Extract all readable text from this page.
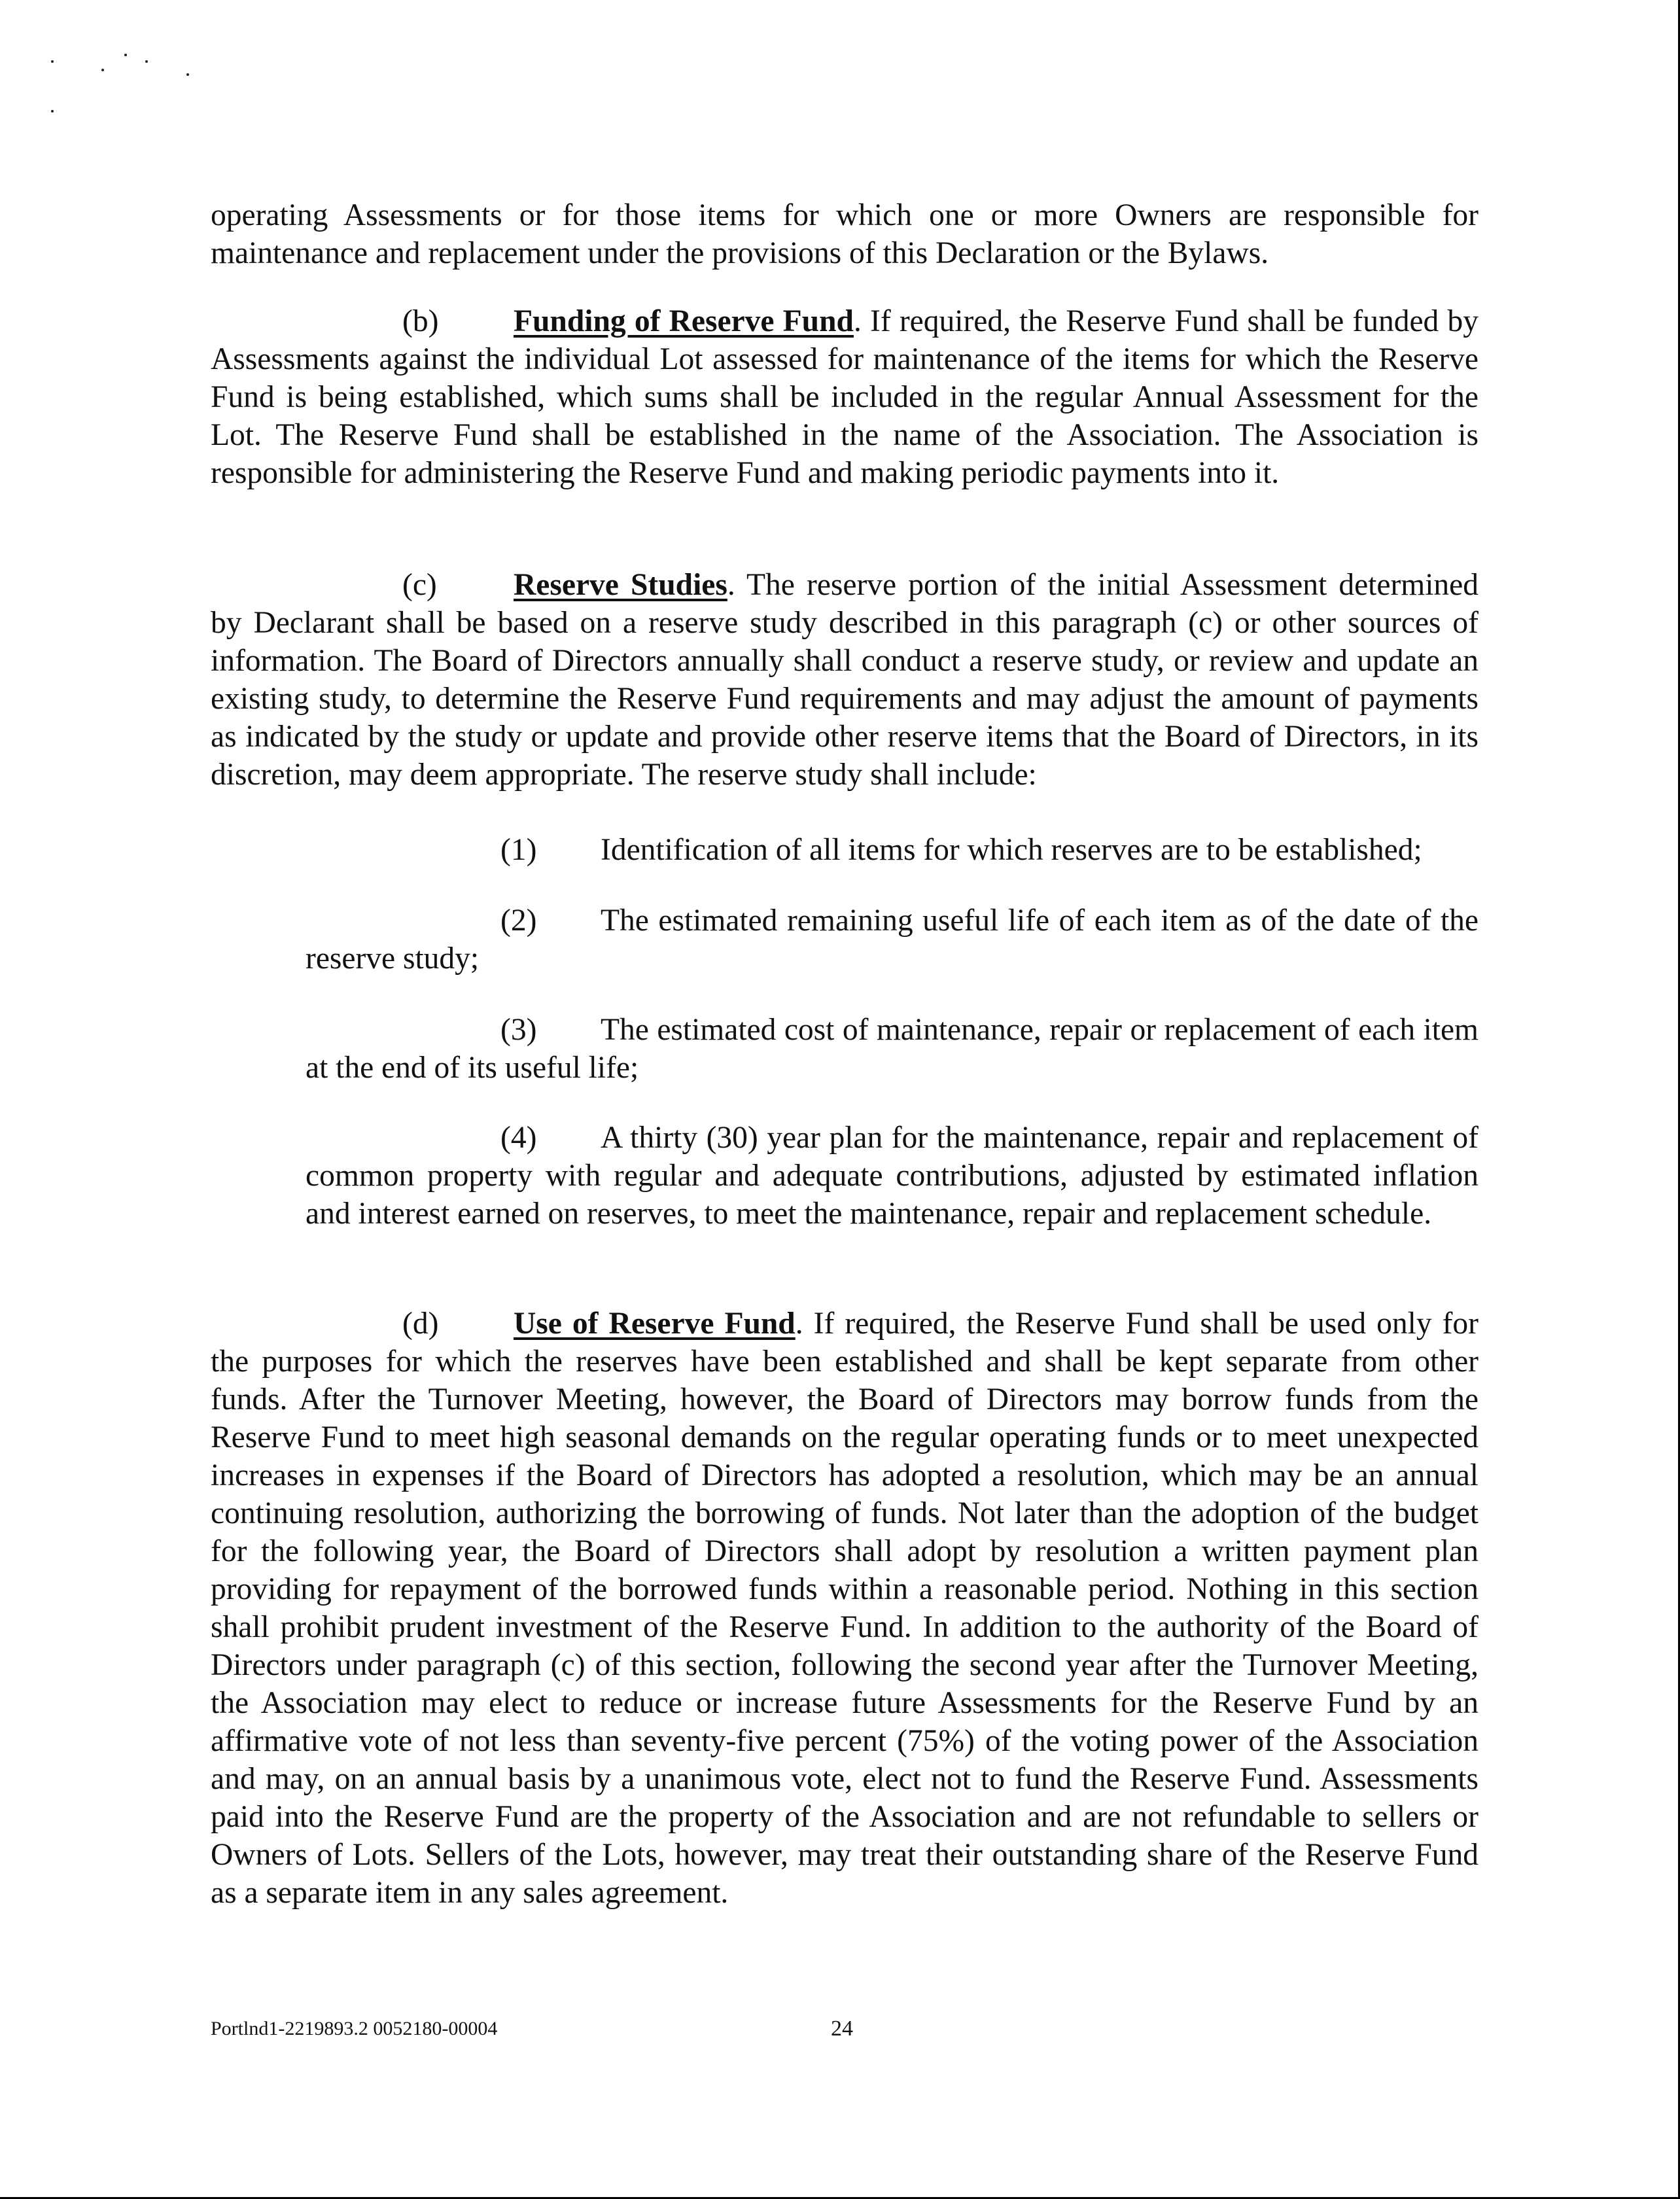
operating Assessments or for those items for which one or more Owners are responsible for maintenance and replacement under the provisions of this Declaration or the Bylaws.

(b) Funding of Reserve Fund. If required, the Reserve Fund shall be funded by Assessments against the individual Lot assessed for maintenance of the items for which the Reserve Fund is being established, which sums shall be included in the regular Annual Assessment for the Lot. The Reserve Fund shall be established in the name of the Association. The Association is responsible for administering the Reserve Fund and making periodic payments into it.

(c) Reserve Studies. The reserve portion of the initial Assessment determined by Declarant shall be based on a reserve study described in this paragraph (c) or other sources of information. The Board of Directors annually shall conduct a reserve study, or review and update an existing study, to determine the Reserve Fund requirements and may adjust the amount of payments as indicated by the study or update and provide other reserve items that the Board of Directors, in its discretion, may deem appropriate. The reserve study shall include:

(1) Identification of all items for which reserves are to be established;

(2) The estimated remaining useful life of each item as of the date of the reserve study;

(3) The estimated cost of maintenance, repair or replacement of each item at the end of its useful life;

(4) A thirty (30) year plan for the maintenance, repair and replacement of common property with regular and adequate contributions, adjusted by estimated inflation and interest earned on reserves, to meet the maintenance, repair and replacement schedule.

(d) Use of Reserve Fund. If required, the Reserve Fund shall be used only for the purposes for which the reserves have been established and shall be kept separate from other funds. After the Turnover Meeting, however, the Board of Directors may borrow funds from the Reserve Fund to meet high seasonal demands on the regular operating funds or to meet unexpected increases in expenses if the Board of Directors has adopted a resolution, which may be an annual continuing resolution, authorizing the borrowing of funds. Not later than the adoption of the budget for the following year, the Board of Directors shall adopt by resolution a written payment plan providing for repayment of the borrowed funds within a reasonable period. Nothing in this section shall prohibit prudent investment of the Reserve Fund. In addition to the authority of the Board of Directors under paragraph (c) of this section, following the second year after the Turnover Meeting, the Association may elect to reduce or increase future Assessments for the Reserve Fund by an affirmative vote of not less than seventy-five percent (75%) of the voting power of the Association and may, on an annual basis by a unanimous vote, elect not to fund the Reserve Fund. Assessments paid into the Reserve Fund are the property of the Association and are not refundable to sellers or Owners of Lots. Sellers of the Lots, however, may treat their outstanding share of the Reserve Fund as a separate item in any sales agreement.

Portlnd1-2219893.2 0052180-00004	24
